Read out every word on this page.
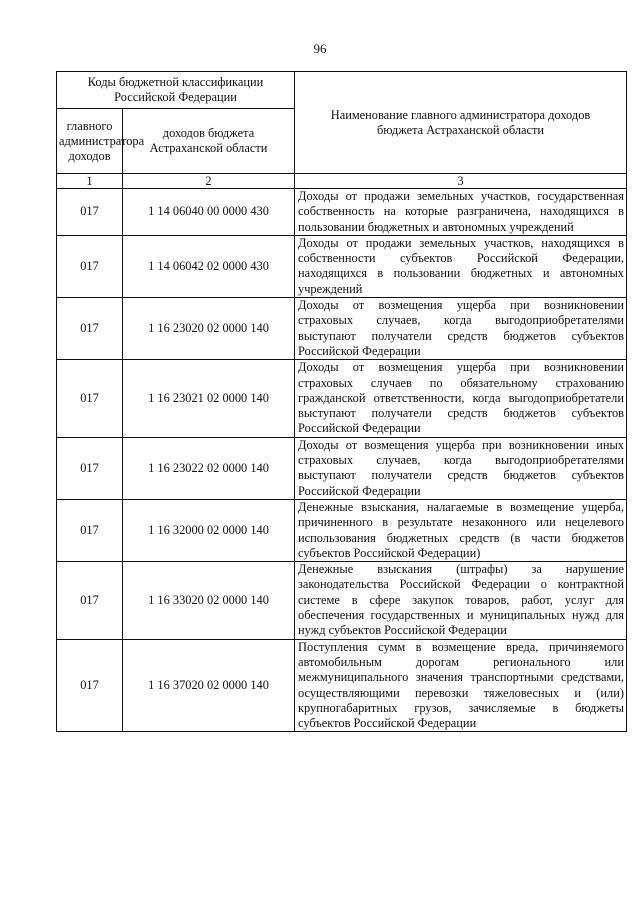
96
Коды бюджетной классификации Российской Федерации		Наименование главного администратора доходов бюджета Астраханской области
главного администратора доходов	доходов бюджета Астраханской области	
1	2	3
017	1 14 06040 00 0000 430	Доходы от продажи земельных участков, государственная собственность на которые разграничена, находящихся в пользовании бюджетных и автономных учреждений
017	1 14 06042 02 0000 430	Доходы от продажи земельных участков, находящихся в собственности субъектов Российской Федерации, находящихся в пользовании бюджетных и автономных учреждений
017	1 16 23020 02 0000 140	Доходы от возмещения ущерба при возникновении страховых случаев, когда выгодоприобретателями выступают получатели средств бюджетов субъектов Российской Федерации
017	1 16 23021 02 0000 140	Доходы от возмещения ущерба при возникновении страховых случаев по обязательному страхованию гражданской ответственности, когда выгодоприобретатели выступают получатели средств бюджетов субъектов Российской Федерации
017	1 16 23022 02 0000 140	Доходы от возмещения ущерба при возникновении иных страховых случаев, когда выгодоприобретателями выступают получатели средств бюджетов субъектов Российской Федерации
017	1 16 32000 02 0000 140	Денежные взыскания, налагаемые в возмещение ущерба, причиненного в результате незаконного или нецелевого использования бюджетных средств (в части бюджетов субъектов Российской Федерации)
017	1 16 33020 02 0000 140	Денежные взыскания (штрафы) за нарушение законодательства Российской Федерации о контрактной системе в сфере закупок товаров, работ, услуг для обеспечения государственных и муниципальных нужд для нужд субъектов Российской Федерации
017	1 16 37020 02 0000 140	Поступления сумм в возмещение вреда, причиняемого автомобильным дорогам регионального или межмуниципального значения транспортными средствами, осуществляющими перевозки тяжеловесных и (или) крупногабаритных грузов, зачисляемые в бюджеты субъектов Российской Федерации
